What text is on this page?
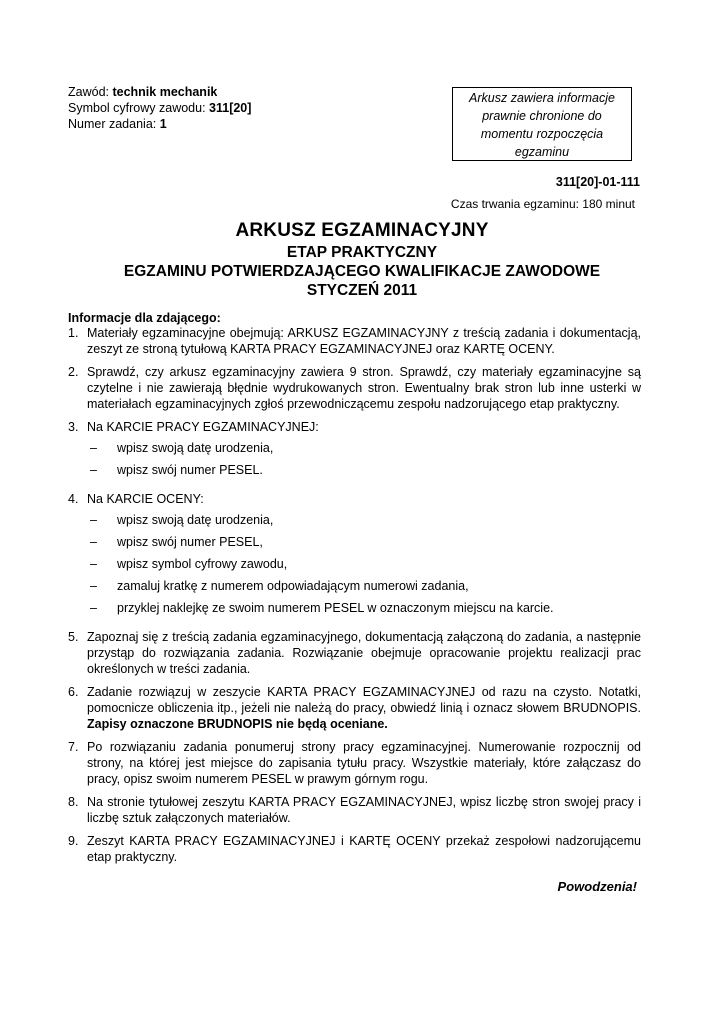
Zawód: technik mechanik
Symbol cyfrowy zawodu: 311[20]
Numer zadania: 1
Arkusz zawiera informacje
prawnie chronione do
momentu rozpoczęcia
egzaminu
311[20]-01-111
Czas trwania egzaminu: 180 minut
ARKUSZ EGZAMINACYJNY
ETAP PRAKTYCZNY
EGZAMINU POTWIERDZAJĄCEGO KWALIFIKACJE ZAWODOWE
STYCZEŃ 2011
Informacje dla zdającego:
1. Materiały egzaminacyjne obejmują: ARKUSZ EGZAMINACYJNY z treścią zadania i dokumentacją, zeszyt ze stroną tytułową KARTA PRACY EGZAMINACYJNEJ oraz KARTĘ OCENY.
2. Sprawdź, czy arkusz egzaminacyjny zawiera 9 stron. Sprawdź, czy materiały egzaminacyjne są czytelne i nie zawierają błędnie wydrukowanych stron. Ewentualny brak stron lub inne usterki w materiałach egzaminacyjnych zgłoś przewodniczącemu zespołu nadzorującego etap praktyczny.
3. Na KARCIE PRACY EGZAMINACYJNEJ:
–	wpisz swoją datę urodzenia,
–	wpisz swój numer PESEL.
4. Na KARCIE OCENY:
–	wpisz swoją datę urodzenia,
–	wpisz swój numer PESEL,
–	wpisz symbol cyfrowy zawodu,
–	zamaluj kratkę z numerem odpowiadającym numerowi zadania,
–	przyklej naklejkę ze swoim numerem PESEL w oznaczonym miejscu na karcie.
5. Zapoznaj się z treścią zadania egzaminacyjnego, dokumentacją załączoną do zadania, a następnie przystąp do rozwiązania zadania. Rozwiązanie obejmuje opracowanie projektu realizacji prac określonych w treści zadania.
6. Zadanie rozwiązuj w zeszycie KARTA PRACY EGZAMINACYJNEJ od razu na czysto. Notatki, pomocnicze obliczenia itp., jeżeli nie należą do pracy, obwiedź linią i oznacz słowem BRUDNOPIS. Zapisy oznaczone BRUDNOPIS nie będą oceniane.
7. Po rozwiązaniu zadania ponumeruj strony pracy egzaminacyjnej. Numerowanie rozpocznij od strony, na której jest miejsce do zapisania tytułu pracy. Wszystkie materiały, które załączasz do pracy, opisz swoim numerem PESEL w prawym górnym rogu.
8. Na stronie tytułowej zeszytu KARTA PRACY EGZAMINACYJNEJ, wpisz liczbę stron swojej pracy i liczbę sztuk załączonych materiałów.
9. Zeszyt KARTA PRACY EGZAMINACYJNEJ i KARTĘ OCENY przekaż zespołowi nadzorującemu etap praktyczny.
Powodzenia!
